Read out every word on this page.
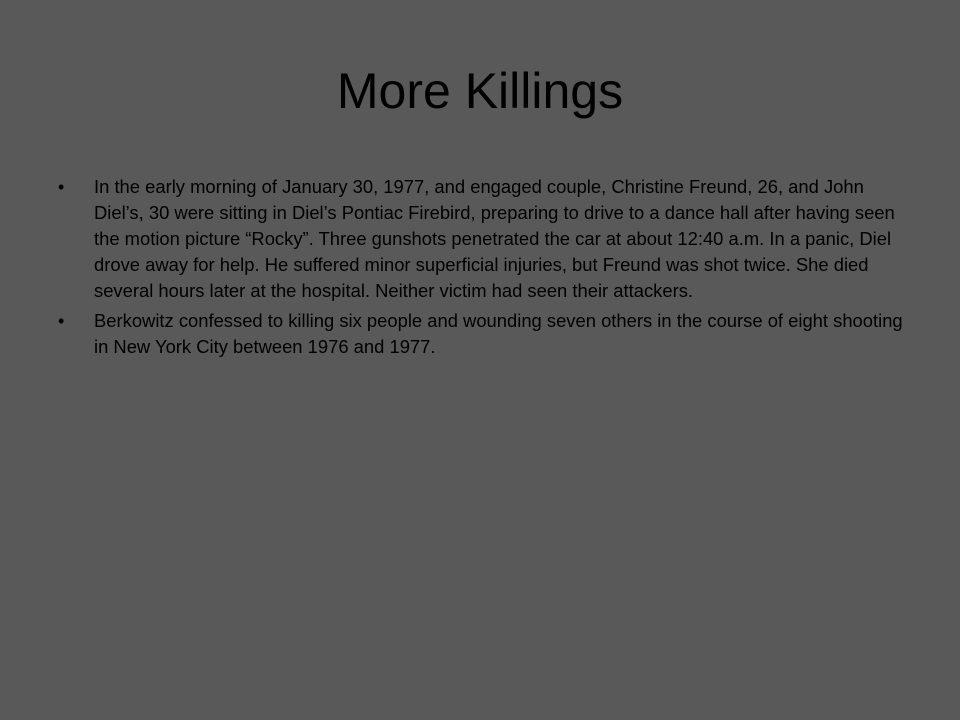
More Killings
• In the early morning of January 30, 1977, and engaged couple, Christine Freund, 26, and John Diel’s, 30 were sitting in Diel’s Pontiac Firebird, preparing to drive to a dance hall after having seen the motion picture “Rocky”. Three gunshots penetrated the car at about 12:40 a.m. In a panic, Diel drove away for help. He suffered minor superficial injuries, but Freund was shot twice. She died several hours later at the hospital. Neither victim had seen their attackers.
• Berkowitz confessed to killing six people and wounding seven others in the course of eight shooting in New York City between 1976 and 1977.
